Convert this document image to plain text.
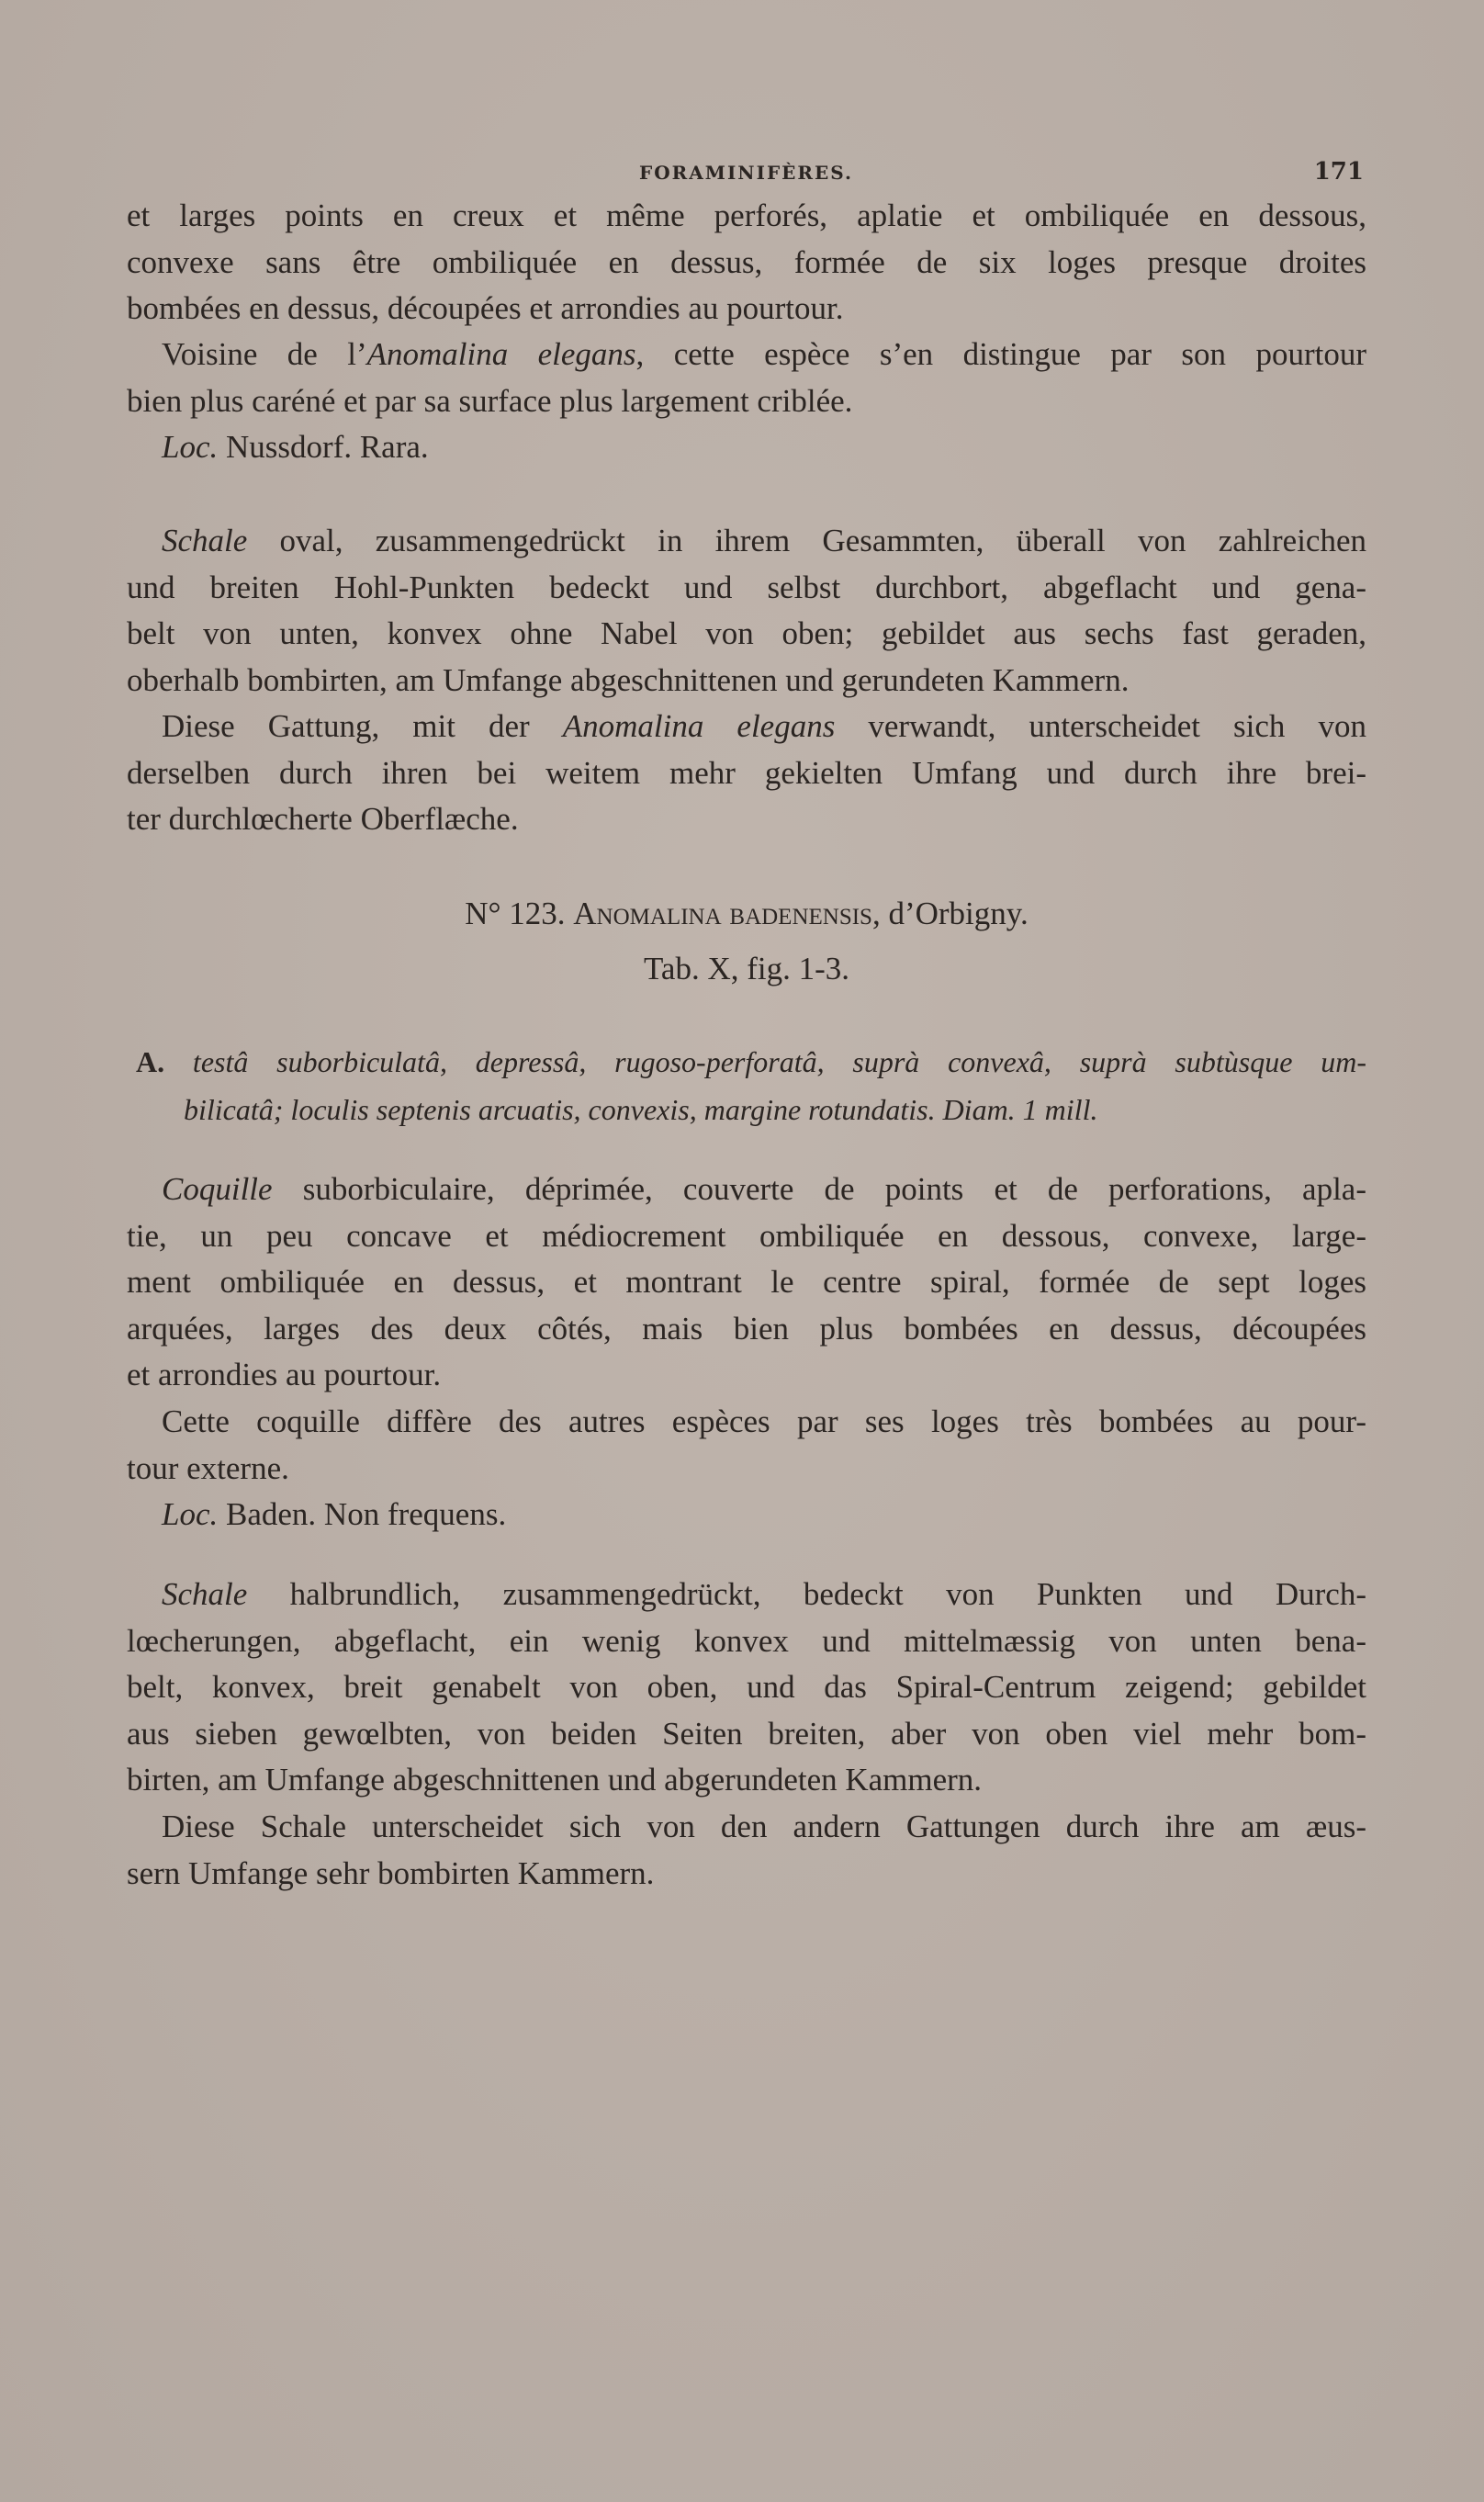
FORAMINIFÈRES.	171
et larges points en creux et même perforés, aplatie et ombiliquée en dessous,
convexe sans être ombiliquée en dessus, formée de six loges presque droites
bombées en dessus, découpées et arrondies au pourtour.
Voisine de l’Anomalina elegans, cette espèce s’en distingue par son pourtour
bien plus caréné et par sa surface plus largement criblée.
Loc. Nussdorf. Rara.
Schale oval, zusammengedrückt in ihrem Gesammten, überall von zahlreichen
und breiten Hohl-Punkten bedeckt und selbst durchbort, abgeflacht und gena-
belt von unten, konvex ohne Nabel von oben; gebildet aus sechs fast geraden,
oberhalb bombirten, am Umfange abgeschnittenen und gerundeten Kammern.
Diese Gattung, mit der Anomalina elegans verwandt, unterscheidet sich von
derselben durch ihren bei weitem mehr gekielten Umfang und durch ihre brei-
ter durchlœcherte Oberflæche.
N° 123. Anomalina badenensis, d’Orbigny.
Tab. X, fig. 1-3.
A. testâ suborbiculatâ, depressâ, rugoso-perforatâ, suprà convexâ, suprà subtùsque um-
bilicatâ; loculis septenis arcuatis, convexis, margine rotundatis. Diam. 1 mill.
Coquille suborbiculaire, déprimée, couverte de points et de perforations, apla-
tie, un peu concave et médiocrement ombiliquée en dessous, convexe, large-
ment ombiliquée en dessus, et montrant le centre spiral, formée de sept loges
arquées, larges des deux côtés, mais bien plus bombées en dessus, découpées
et arrondies au pourtour.
Cette coquille diffère des autres espèces par ses loges très bombées au pour-
tour externe.
Loc. Baden. Non frequens.
Schale halbrundlich, zusammengedrückt, bedeckt von Punkten und Durch-
lœcherungen, abgeflacht, ein wenig konvex und mittelmæssig von unten bena-
belt, konvex, breit genabelt von oben, und das Spiral-Centrum zeigend; gebildet
aus sieben gewœlbten, von beiden Seiten breiten, aber von oben viel mehr bom-
birten, am Umfange abgeschnittenen und abgerundeten Kammern.
Diese Schale unterscheidet sich von den andern Gattungen durch ihre am æus-
sern Umfange sehr bombirten Kammern.
